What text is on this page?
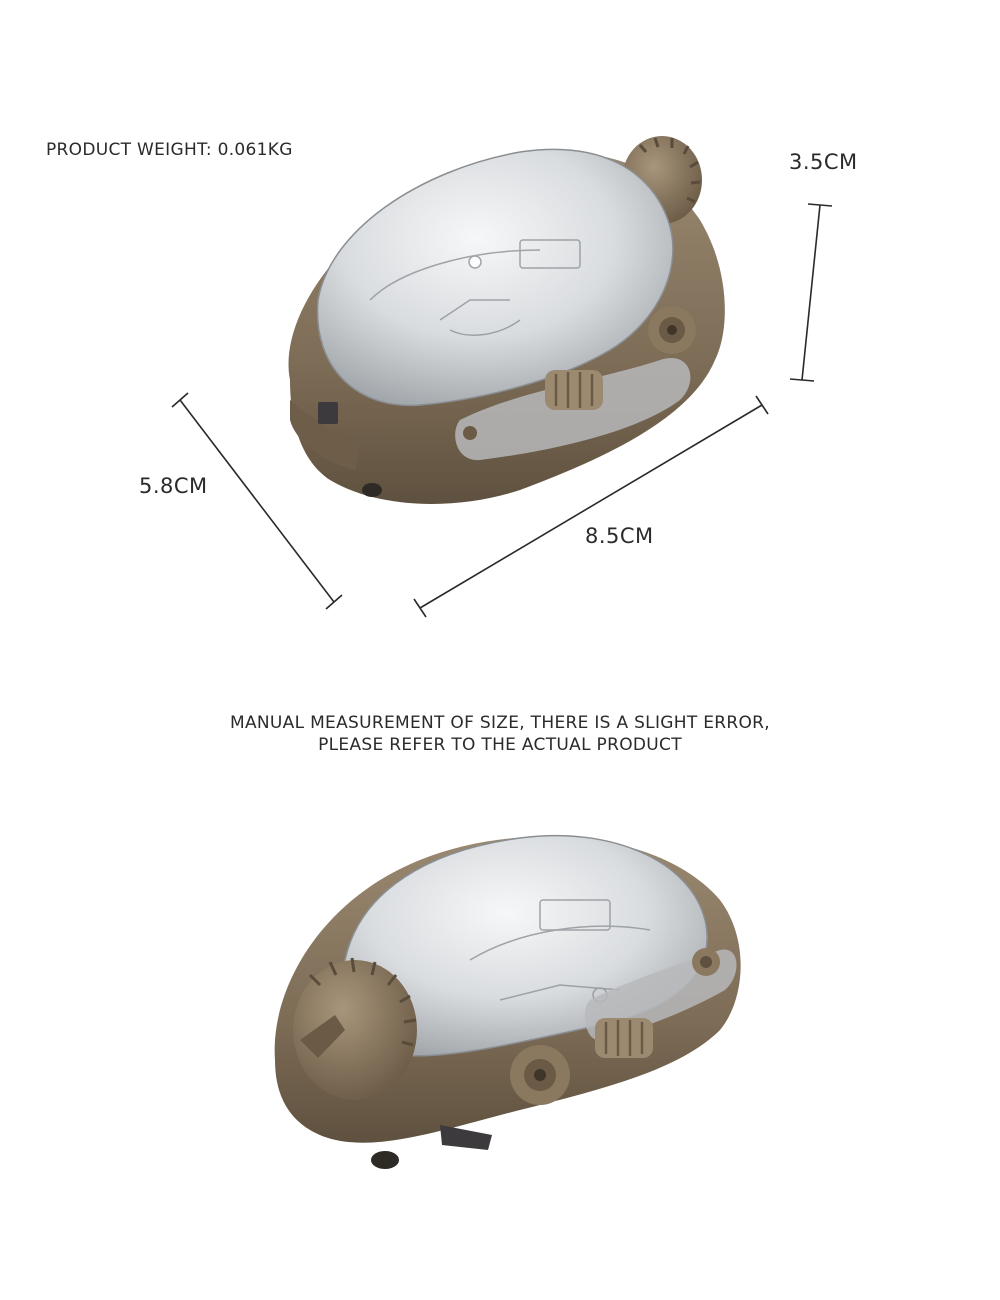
PRODUCT WEIGHT: 0.061KG	3.5CM
5.8CM
8.5CM
MANUAL MEASUREMENT OF SIZE, THERE IS A SLIGHT ERROR,
PLEASE REFER TO THE ACTUAL PRODUCT
